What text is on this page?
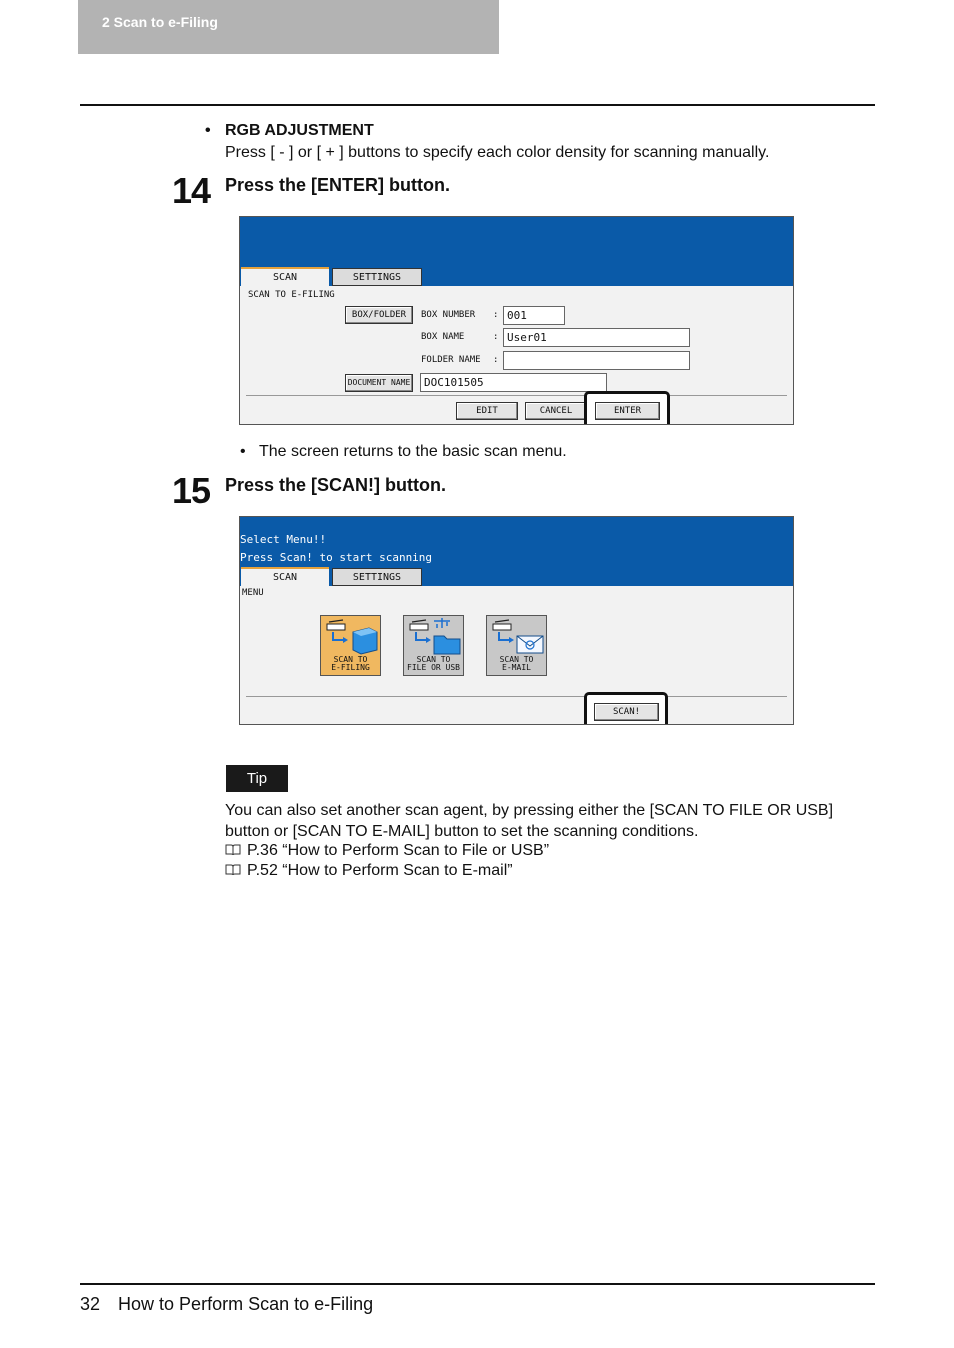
2 Scan to e-Filing
• RGB ADJUSTMENT
Press [ - ] or [ + ] buttons to specify each color density for scanning manually.
14 Press the [ENTER] button.
SCAN	SETTINGS
SCAN TO E-FILING
BOX/FOLDER	BOX NUMBER : 001
BOX NAME	: User01
FOLDER NAME :
DOCUMENT NAME	DOC101505
EDIT	CANCEL	ENTER
• The screen returns to the basic scan menu.
15 Press the [SCAN!] button.
Select Menu!!
Press Scan! to start scanning
SCAN	SETTINGS
MENU
SCAN TO
E-FILING
SCAN TO
FILE OR USB
SCAN TO
E-MAIL
SCAN!
Tip
You can also set another scan agent, by pressing either the [SCAN TO FILE OR USB] button or [SCAN TO E-MAIL] button to set the scanning conditions.
P.36 “How to Perform Scan to File or USB”
P.52 “How to Perform Scan to E-mail”
32 How to Perform Scan to e-Filing
